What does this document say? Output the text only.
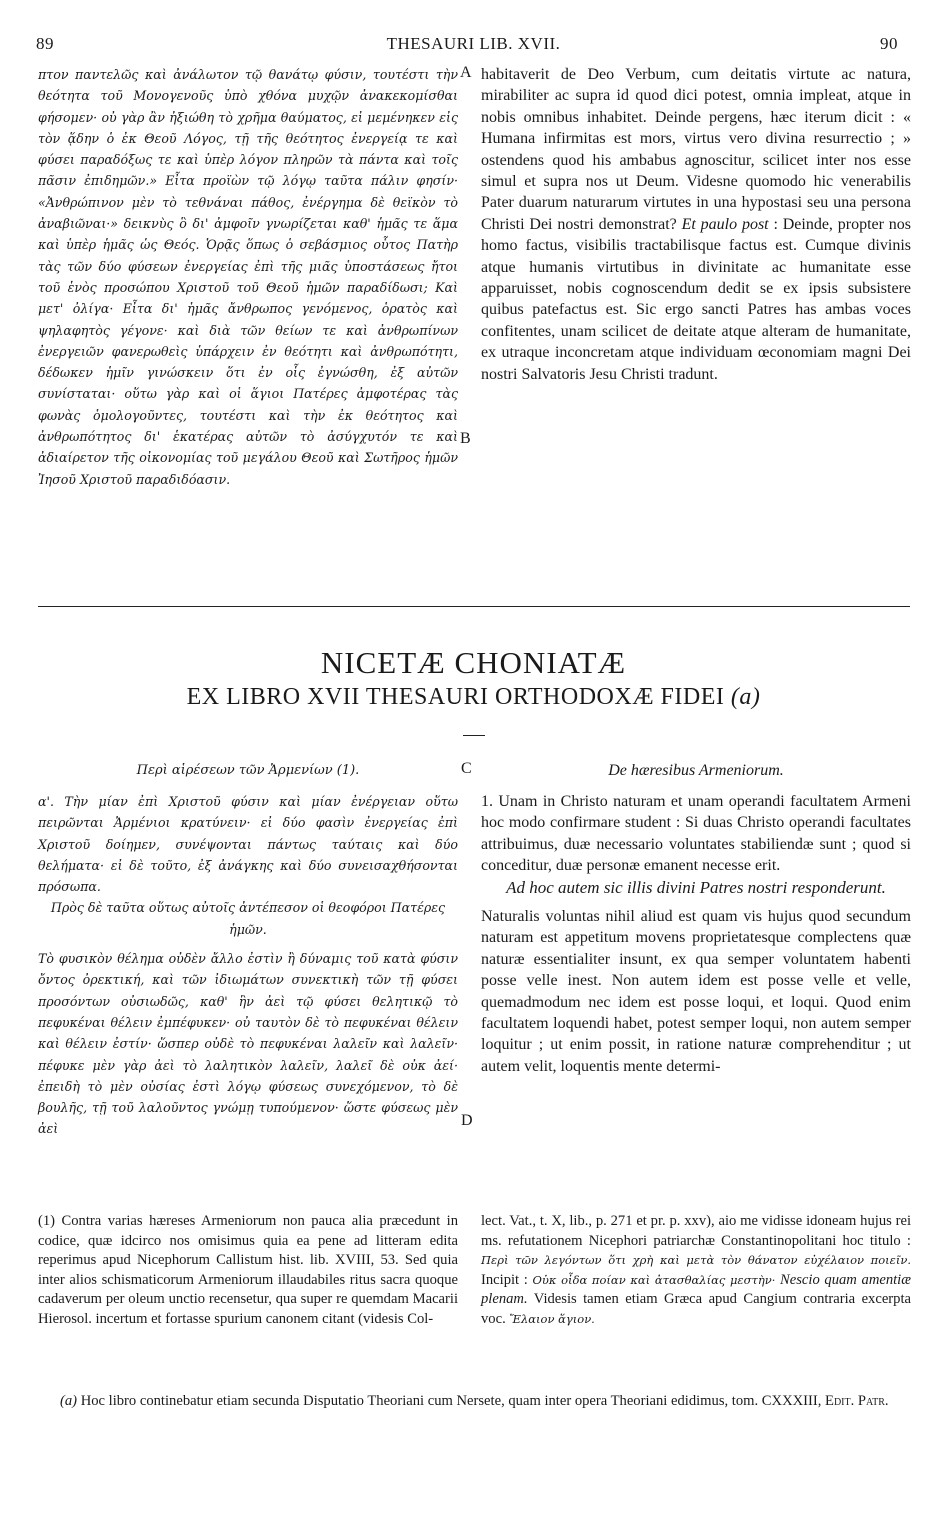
89	THESAURI LIB. XVII.	90

πτον παντελῶς καὶ ἀνάλωτον τῷ θανάτῳ φύσιν, τουτέστι τὴν θεότητα τοῦ Μονογενοῦς ὑπὸ χθόνα μυχῷν ἀνακεκομίσθαι φήσομεν· οὐ γὰρ ἂν ἠξιώθη τὸ χρῆμα θαύματος, εἰ μεμένηκεν εἰς τὸν ᾅδην ὁ ἐκ Θεοῦ Λόγος, τῇ τῆς θεότητος ἐνεργείᾳ τε καὶ φύσει παραδόξως τε καὶ ὑπὲρ λόγον πληρῶν τὰ πάντα καὶ τοῖς πᾶσιν ἐπιδημῶν.» Εἶτα προϊὼν τῷ λόγῳ ταῦτα πάλιν φησίν· «Ἀνθρώπινον μὲν τὸ τεθνάναι πάθος, ἐνέργημα δὲ θεϊκὸν τὸ ἀναβιῶναι·» δεικνὺς ὃ δι' ἀμφοῖν γνωρίζεται καθ' ἡμᾶς τε ἅμα καὶ ὑπὲρ ἡμᾶς ὡς Θεός. Ὁρᾷς ὅπως ὁ σεβάσμιος οὗτος Πατὴρ τὰς τῶν δύο φύσεων ἐνεργείας ἐπὶ τῆς μιᾶς ὑποστάσεως ἤτοι τοῦ ἑνὸς προσώπου Χριστοῦ τοῦ Θεοῦ ἡμῶν παραδίδωσι; Καὶ μετ' ὀλίγα· Εἶτα δι' ἡμᾶς ἄνθρωπος γενόμενος, ὁρατὸς καὶ ψηλαφητὸς γέγονε· καὶ διὰ τῶν θείων τε καὶ ἀνθρωπίνων ἐνεργειῶν φανερωθεὶς ὑπάρχειν ἐν θεότητι καὶ ἀνθρωπότητι, δέδωκεν ἡμῖν γινώσκειν ὅτι ἐν οἷς ἐγνώσθη, ἐξ αὐτῶν συνίσταται· οὕτω γὰρ καὶ οἱ ἅγιοι Πατέρες ἀμφοτέρας τὰς φωνὰς ὁμολογοῦντες, τουτέστι καὶ τὴν ἐκ θεότητος καὶ ἀνθρωπότητος δι' ἑκατέρας αὐτῶν τὸ ἀσύγχυτόν τε καὶ ἀδιαίρετον τῆς οἰκονομίας τοῦ μεγάλου Θεοῦ καὶ Σωτῆρος ἡμῶν Ἰησοῦ Χριστοῦ παραδιδόασιν.

A
B

habitaverit de Deo Verbum, cum deitatis virtute ac natura, mirabiliter ac supra id quod dici potest, omnia impleat, atque in nobis omnibus inhabitet. Deinde pergens, hæc iterum dicit : « Humana infirmitas est mors, virtus vero divina resurrectio ; » ostendens quod his ambabus agnoscitur, scilicet inter nos esse simul et supra nos ut Deum. Videsne quomodo hic venerabilis Pater duarum naturarum virtutes in una hypostasi seu una persona Christi Dei nostri demonstrat? Et paulo post : Deinde, propter nos homo factus, visibilis tractabilisque factus est. Cumque divinis atque humanis virtutibus in divinitate ac humanitate esse apparuisset, nobis cognoscendum dedit se ex ipsis subsistere quibus patefactus est. Sic ergo sancti Patres has ambas voces confitentes, unam scilicet de deitate atque alteram de humanitate, ex utraque inconcretam atque individuam œconomiam magni Dei nostri Salvatoris Jesu Christi tradunt.

NICETÆ CHONIATÆ
EX LIBRO XVII THESAURI ORTHODOXÆ FIDEI (a)
Περὶ αἱρέσεων τῶν Ἀρμενίων (1).	C	De hæresibus Armeniorum.

α'. Τὴν μίαν ἐπὶ Χριστοῦ φύσιν καὶ μίαν ἐνέργειαν οὕτω πειρῶνται Ἀρμένιοι κρατύνειν· εἰ δύο φασὶν ἐνεργείας ἐπὶ Χριστοῦ δοίημεν, συνέψονται πάντως ταύταις καὶ δύο θελήματα· εἰ δὲ τοῦτο, ἐξ ἀνάγκης καὶ δύο συνεισαχθήσονται πρόσωπα.

Πρὸς δὲ ταῦτα οὕτως αὐτοῖς ἀντέπεσον οἱ θεοφόροι Πατέρες ἡμῶν.

Τὸ φυσικὸν θέλημα οὐδὲν ἄλλο ἐστὶν ἢ δύναμις τοῦ κατὰ φύσιν ὄντος ὀρεκτική, καὶ τῶν ἰδιωμάτων συνεκτικὴ τῶν τῇ φύσει προσόντων οὐσιωδῶς, καθ' ἣν ἀεὶ τῷ φύσει θελητικῷ τὸ πεφυκέναι θέλειν ἐμπέφυκεν· οὐ ταυτὸν δὲ τὸ πεφυκέναι θέλειν καὶ θέλειν ἐστίν· ὥσπερ οὐδὲ τὸ πεφυκέναι λαλεῖν καὶ λαλεῖν· πέφυκε μὲν γὰρ ἀεὶ τὸ λαλητικὸν λαλεῖν, λαλεῖ δὲ οὐκ ἀεί· ἐπειδὴ τὸ μὲν οὐσίας ἐστὶ λόγῳ φύσεως συνεχόμενον, τὸ δὲ βουλῆς, τῇ τοῦ λαλοῦντος γνώμῃ τυπούμενον· ὥστε φύσεως μὲν ἀεὶ	D

1. Unam in Christo naturam et unam operandi facultatem Armeni hoc modo confirmare student : Si duas Christo operandi facultates attribuimus, duæ necessario voluntates stabiliendæ sunt ; quod si conceditur, duæ personæ emanent necesse erit.

Ad hoc autem sic illis divini Patres nostri responderunt.

Naturalis voluntas nihil aliud est quam vis hujus quod secundum naturam est appetitum movens proprietatesque complectens quæ naturæ essentialiter insunt, ex qua semper voluntatem habenti posse velle inest. Non autem idem est posse velle et velle, quemadmodum nec idem est posse loqui, et loqui. Quod enim facultatem loquendi habet, potest semper loqui, non autem semper loquitur ; ut enim possit, in ratione naturæ comprehenditur ; ut autem velit, loquentis mente determi-

(1) Contra varias hæreses Armeniorum non pauca alia præcedunt in codice, quæ idcirco nos omisimus quia ea pene ad litteram edita reperimus apud Nicephorum Callistum hist. lib. XVIII, 53. Sed quia inter alios schismaticorum Armeniorum illaudabiles ritus sacra quoque cadaverum per oleum unctio recensetur, qua super re quemdam Macarii Hierosol. incertum et fortasse spurium canonem citant (videsis Col-

lect. Vat., t. X, lib., p. 271 et pr. p. xxv), aio me vidisse idoneam hujus rei ms. refutationem Nicephori patriarchæ Constantinopolitani hoc titulo : Περὶ τῶν λεγόντων ὅτι χρὴ καὶ μετὰ τὸν θάνατον εὐχέλαιον ποιεῖν. Incipit : Οὐκ οἶδα ποίαν καὶ ἀτασθαλίας μεστὴν· Nescio quam amentiæ plenam. Videsis tamen etiam Græca apud Cangium contraria excerpta voc. Ἔλαιον ἅγιον.

(a) Hoc libro continebatur etiam secunda Disputatio Theoriani cum Nersete, quam inter opera Theoriani edidimus, tom. CXXXIII, Edit. Patr.
